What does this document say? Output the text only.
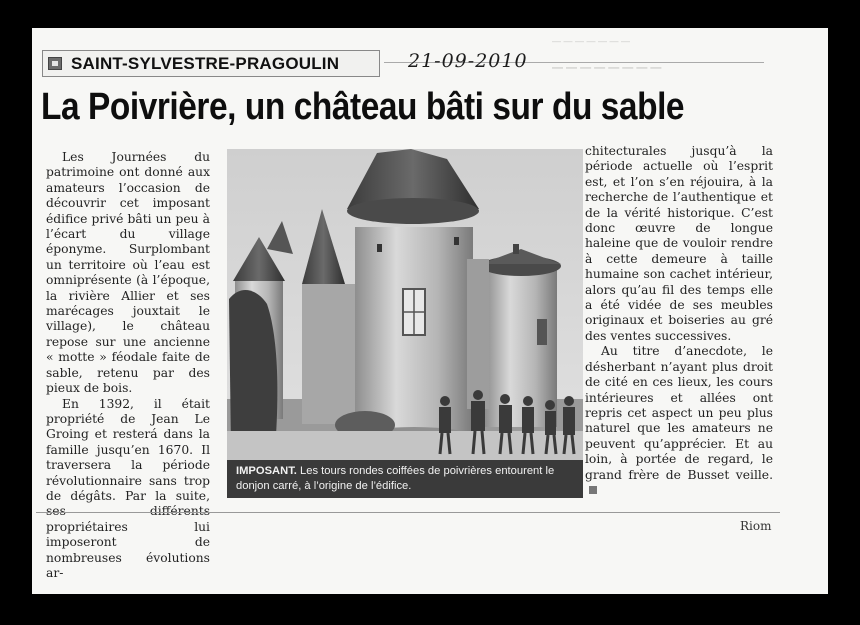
— — — — — — —
— — — — — — — —
SAINT-SYLVESTRE-PRAGOULIN	21-09-2010
La Poivrière, un château bâti sur du sable

Les Journées du patrimoine ont donné aux amateurs l’occasion de découvrir cet imposant édifice privé bâti un peu à l’écart du village éponyme. Surplombant un territoire où l’eau est omniprésente (à l’époque, la rivière Allier et ses marécages jouxtait le village), le château repose sur une ancienne « motte » féodale faite de sable, retenu par des pieux de bois.

En 1392, il était propriété de Jean Le Groing et resterá dans la famille jusqu’en 1670. Il traversera la période révolutionnaire sans trop de dégâts. Par la suite, ses différents propriétaires lui imposeront de nombreuses évolutions ar-

IMPOSANT. Les tours rondes coiffées de poivrières entourent le donjon carré, à l’origine de l’édifice.

chitecturales jusqu’à la période actuelle où l’esprit est, et l’on s’en réjouira, à la recherche de l’authentique et de la vérité historique. C’est donc œuvre de longue haleine que de vouloir rendre à cette demeure à taille humaine son cachet intérieur, alors qu’au fil des temps elle a été vidée de ses meubles originaux et boiseries au gré des ventes successives.

Au titre d’anecdote, le désherbant n’ayant plus droit de cité en ces lieux, les cours intérieures et allées ont repris cet aspect un peu plus naturel que les amateurs ne peuvent qu’apprécier. Et au loin, à portée de regard, le grand frère de Busset veille.

Riom
